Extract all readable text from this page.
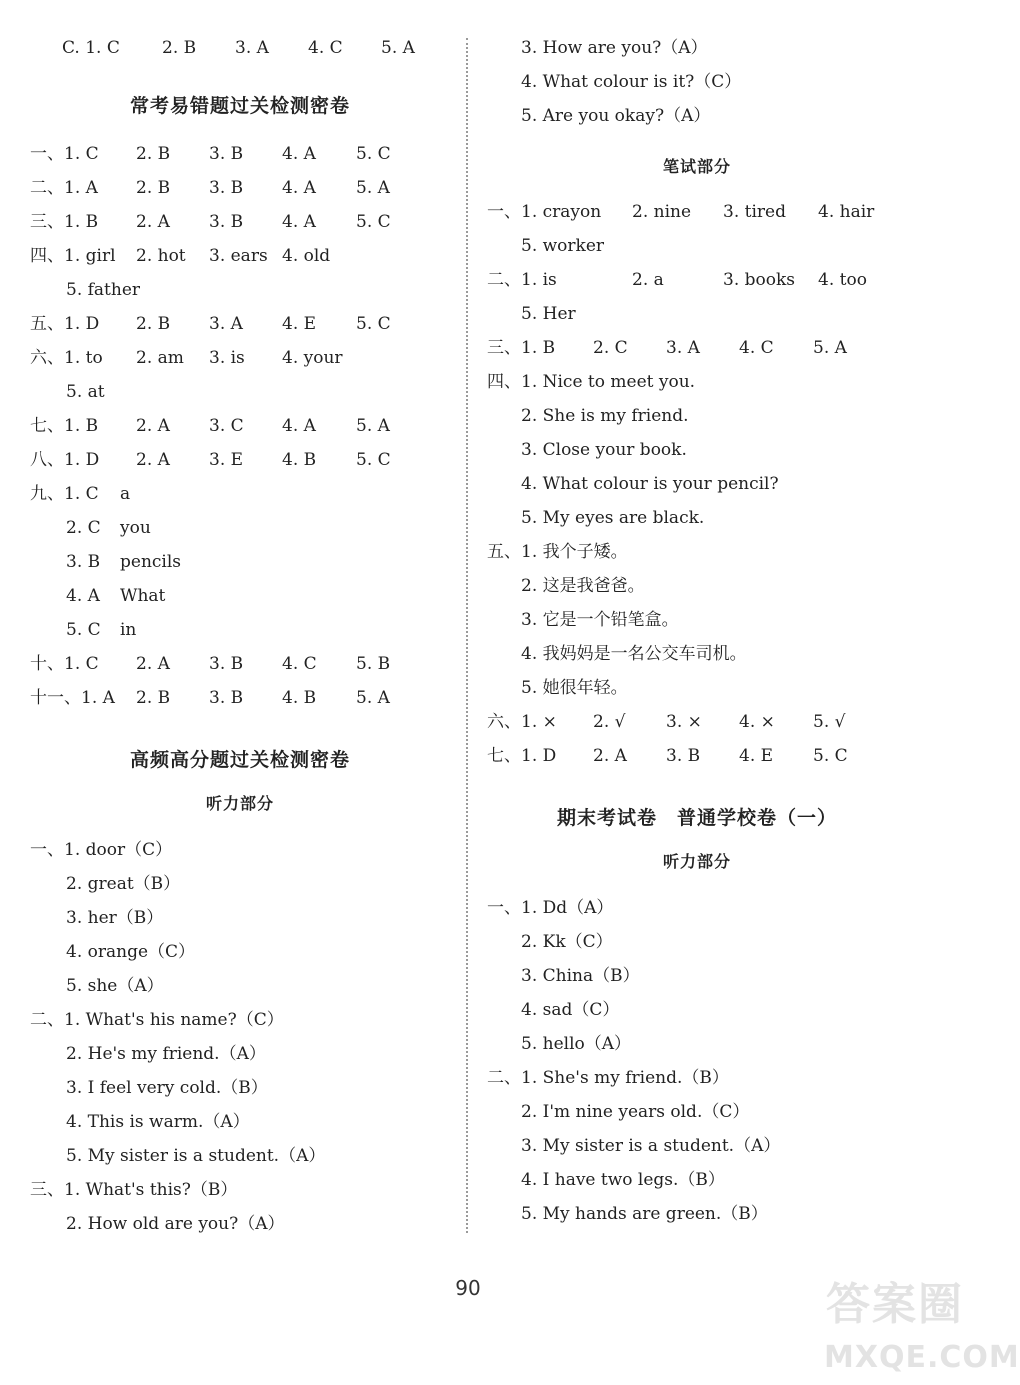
C. 1. C 2. B 3. A 4. C 5. A
常考易错题过关检测密卷
一、1. C 2. B 3. B 4. A 5. C
二、1. A 2. B 3. B 4. A 5. A
三、1. B 2. A 3. B 4. A 5. C
四、1. girl 2. hot 3. ears 4. old
5. father
五、1. D 2. B 3. A 4. E 5. C
六、1. to 2. am 3. is 4. your
5. at
七、1. B 2. A 3. C 4. A 5. A
八、1. D 2. A 3. E 4. B 5. C
九、1. C a
2. C you
3. B pencils
4. A What
5. C in
十、1. C 2. A 3. B 4. C 5. B
十一、1. A 2. B 3. B 4. B 5. A
高频高分题过关检测密卷
听力部分
一、1. door（C）
2. great（B）
3. her（B）
4. orange（C）
5. she（A）
二、1. What's his name?（C）
2. He's my friend.（A）
3. I feel very cold.（B）
4. This is warm.（A）
5. My sister is a student.（A）
三、1. What's this?（B）
2. How old are you?（A）
3. How are you?（A）
4. What colour is it?（C）
5. Are you okay?（A）
笔试部分
一、1. crayon 2. nine 3. tired 4. hair
5. worker
二、1. is	2. a	3. books 4. too
5. Her
三、1. B 2. C 3. A 4. C 5. A
四、1. Nice to meet you.
2. She is my friend.
3. Close your book.
4. What colour is your pencil?
5. My eyes are black.
五、1. 我个子矮。
2. 这是我爸爸。
3. 它是一个铅笔盒。
4. 我妈妈是一名公交车司机。
5. 她很年轻。
六、1. × 2. √ 3. × 4. × 5. √
七、1. D 2. A 3. B 4. E 5. C
期末考试卷　普通学校卷（一）
听力部分
一、1. Dd（A）
2. Kk（C）
3. China（B）
4. sad（C）
5. hello（A）
二、1. She's my friend.（B）
2. I'm nine years old.（C）
3. My sister is a student.（A）
4. I have two legs.（B）
5. My hands are green.（B）
90	答案圈
MXQE.COM
